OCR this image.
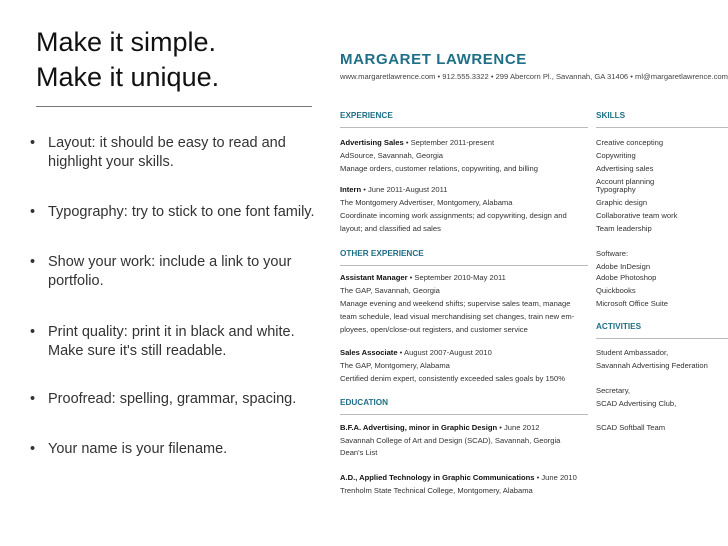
Make it simple.
Make it unique.
• Layout: it should be easy to read and highlight your skills.
• Typography: try to stick to one font family.
• Show your work: include a link to your portfolio.
• Print quality: print it in black and white. Make sure it's still readable.
• Proofread: spelling, grammar, spacing.
• Your name is your filename.
MARGARET LAWRENCE
www.margaretlawrence.com • 912.555.3322 • 299 Abercorn Pl., Savannah, GA 31406 • ml@margaretlawrence.com
EXPERIENCE
Advertising Sales • September 2011-present
AdSource, Savannah, Georgia
Manage orders, customer relations, copywriting, and billing
Intern • June 2011-August 2011
The Montgomery Advertiser, Montgomery, Alabama
Coordinate incoming work assignments; ad copywriting, design and
layout; and classified ad sales
OTHER EXPERIENCE
Assistant Manager • September 2010-May 2011
The GAP, Savannah, Georgia
Manage evening and weekend shifts; supervise sales team, manage
team schedule, lead visual merchandising set changes, train new em-
ployees, open/close-out registers, and customer service
Sales Associate • August 2007-August 2010
The GAP, Montgomery, Alabama
Certified denim expert, consistently exceeded sales goals by 150%
EDUCATION
B.F.A. Advertising, minor in Graphic Design • June 2012
Savannah College of Art and Design (SCAD), Savannah, Georgia
Dean's List
A.D., Applied Technology in Graphic Communications • June 2010
Trenholm State Technical College, Montgomery, Alabama
SKILLS
Creative concepting
Copywriting
Advertising sales
Account planning
Typography
Graphic design
Collaborative team work
Team leadership
Software:
Adobe InDesign
Adobe Photoshop
Quickbooks
Microsoft Office Suite
ACTIVITIES
Student Ambassador,
Savannah Advertising Federation
Secretary,
SCAD Advertising Club,
SCAD Softball Team
